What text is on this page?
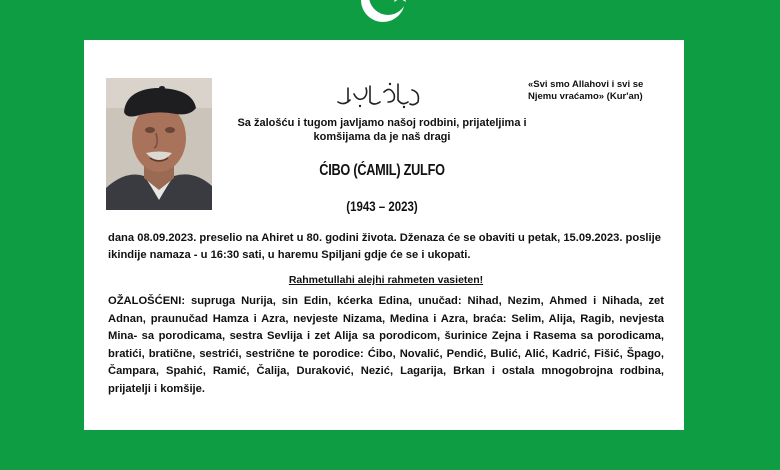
«Svi smo Allahovi i svi se Njemu vraćamo» (Kur'an)
Sa žalošću i tugom javljamo našoj rodbini, prijateljima i komšijama da je naš dragi
ĆIBO (ĆAMIL) ZULFO
(1943 – 2023)
dana 08.09.2023. preselio na Ahiret u 80. godini života. Dženaza će se obaviti u petak, 15.09.2023. poslije ikindije namaza - u 16:30 sati, u haremu Spiljani gdje će se i ukopati.
Rahmetullahi alejhi rahmeten vasieten!
OŽALOŠĆENI: supruga Nurija, sin Edin, kćerka Edina, unučad: Nihad, Nezim, Ahmed i Nihada, zet Adnan, praunučad Hamza i Azra, nevjeste Nizama, Medina i Azra, braća: Selim, Alija, Ragib, nevjesta Mina- sa porodicama, sestra Sevlija i zet Alija sa porodicom, šurinice Zejna i Rasema sa porodicama, bratići, bratične, sestrići, sestrične te porodice: Ćibo, Novalić, Pendić, Bulić, Alić, Kadrić, Fišić, Špago, Čampara, Spahić, Ramić, Čalija, Duraković, Nezić, Lagarija, Brkan i ostala mnogobrojna rodbina, prijatelji i komšije.
